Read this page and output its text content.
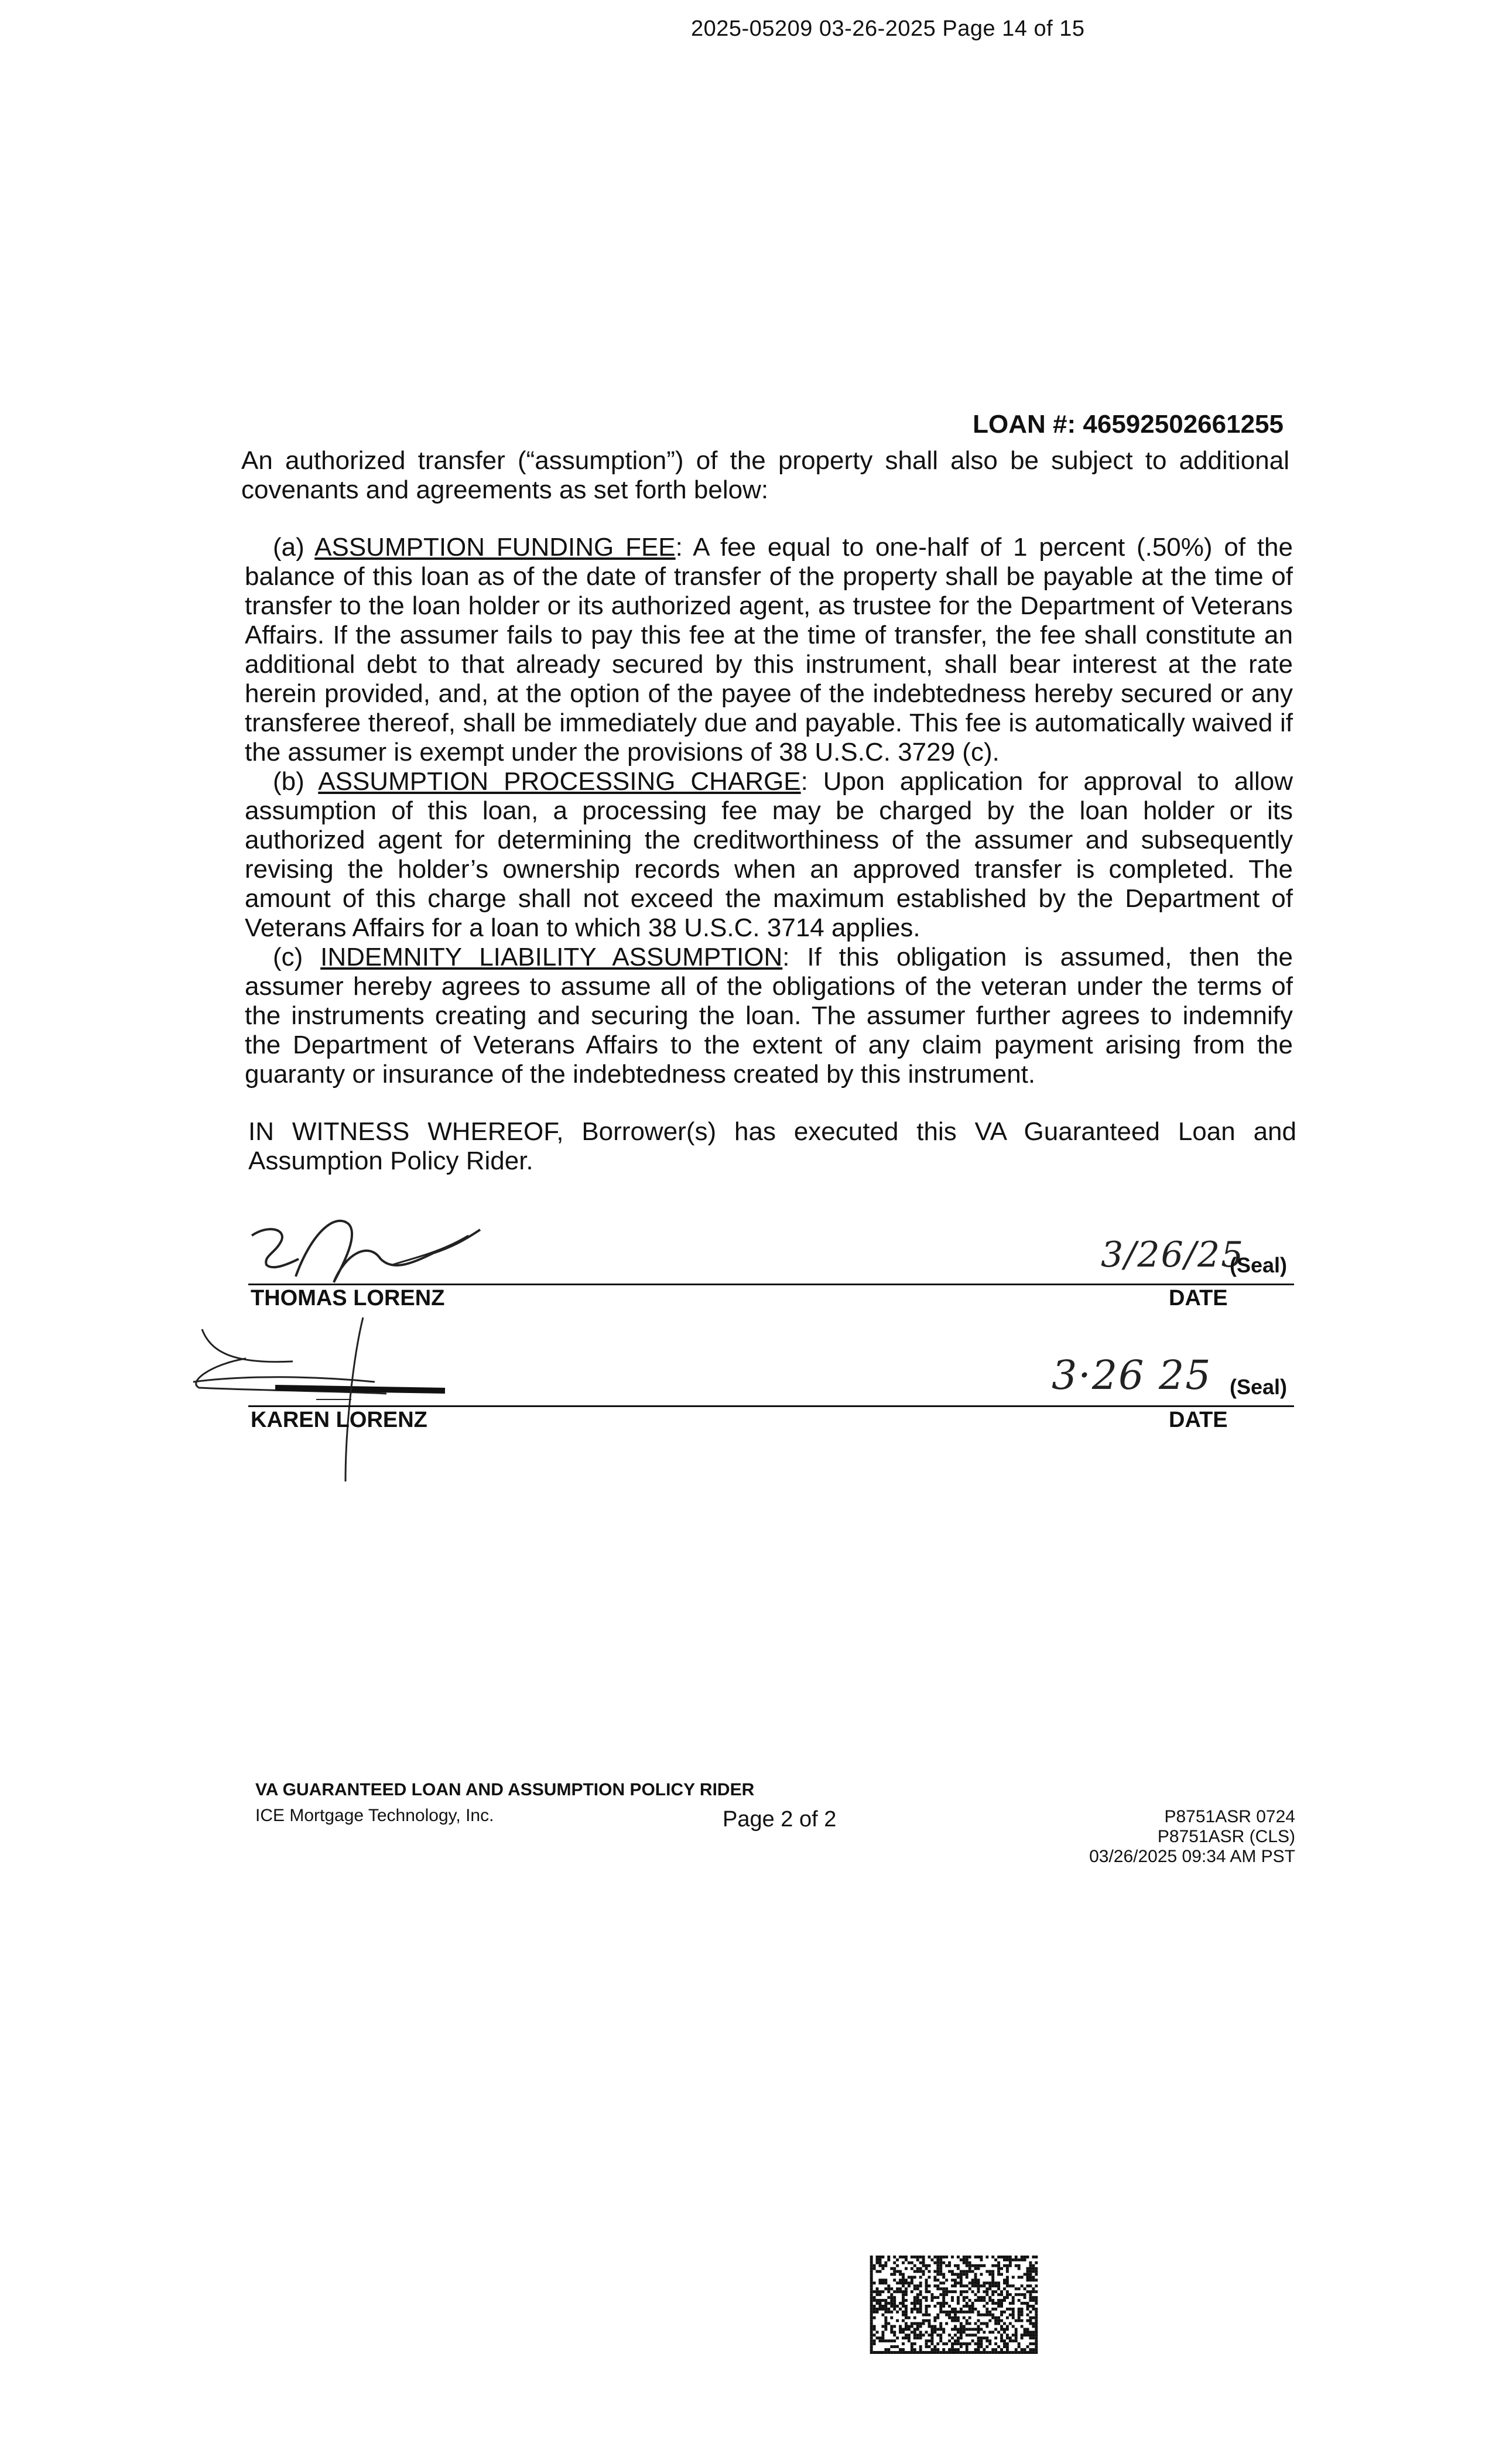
2025-05209 03-26-2025 Page 14 of 15
LOAN #: 46592502661255
An authorized transfer (“assumption”) of the property shall also be subject to additional covenants and agreements as set forth below:

(a) ASSUMPTION FUNDING FEE: A fee equal to one-half of 1 percent (.50%) of the balance of this loan as of the date of transfer of the property shall be payable at the time of transfer to the loan holder or its authorized agent, as trustee for the Department of Veterans Affairs. If the assumer fails to pay this fee at the time of transfer, the fee shall constitute an additional debt to that already secured by this instrument, shall bear interest at the rate herein provided, and, at the option of the payee of the indebtedness hereby secured or any transferee thereof, shall be immediately due and payable. This fee is automatically waived if the assumer is exempt under the provisions of 38 U.S.C. 3729 (c).

(b) ASSUMPTION PROCESSING CHARGE: Upon application for approval to allow assumption of this loan, a processing fee may be charged by the loan holder or its authorized agent for determining the creditworthiness of the assumer and subsequently revising the holder’s ownership records when an approved transfer is completed. The amount of this charge shall not exceed the maximum established by the Department of Veterans Affairs for a loan to which 38 U.S.C. 3714 applies.

(c) INDEMNITY LIABILITY ASSUMPTION: If this obligation is assumed, then the assumer hereby agrees to assume all of the obligations of the veteran under the terms of the instruments creating and securing the loan. The assumer further agrees to indemnify the Department of Veterans Affairs to the extent of any claim payment arising from the guaranty or insurance of the indebtedness created by this instrument.

IN WITNESS WHEREOF, Borrower(s) has executed this VA Guaranteed Loan and Assumption Policy Rider.
3/26/25
(Seal)
THOMAS LORENZ	DATE
3·26 25 (Seal)
KAREN LORENZ	DATE
VA GUARANTEED LOAN AND ASSUMPTION POLICY RIDER
ICE Mortgage Technology, Inc.	Page 2 of 2	P8751ASR 0724
P8751ASR (CLS)
03/26/2025 09:34 AM PST
